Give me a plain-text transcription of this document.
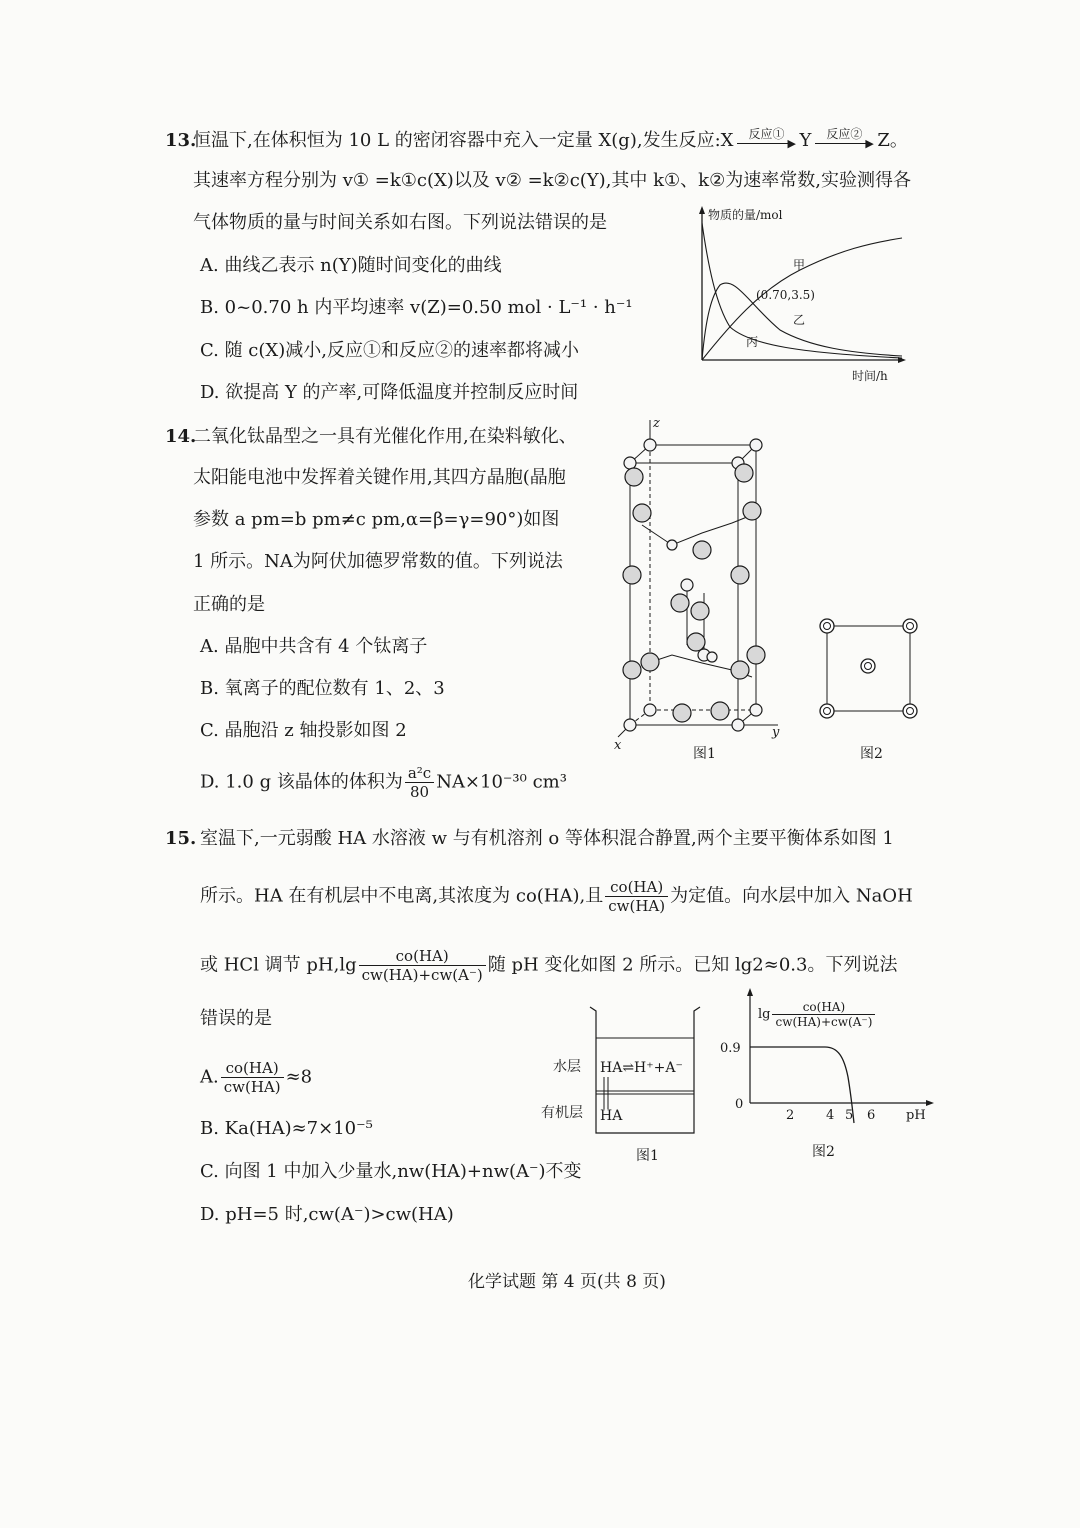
13.
恒温下,在体积恒为 10 L 的密闭容器中充入一定量 X(g),发生反应:X	反应①
▶ Y	反应②
▶ Z。
其速率方程分别为 v① =k①c(X)以及 v② =k②c(Y),其中 k①、k②为速率常数,实验测得各
气体物质的量与时间关系如右图。下列说法错误的是
A. 曲线乙表示 n(Y)随时间变化的曲线
B. 0~0.70 h 内平均速率 v(Z)=0.50 mol · L⁻¹ · h⁻¹
C. 随 c(X)减小,反应①和反应②的速率都将减小
D. 欲提高 Y 的产率,可降低温度并控制反应时间
物质的量/mol
时间/h
(0.70,3.5)
甲
乙
丙
14.
二氧化钛晶型之一具有光催化作用,在染料敏化、
太阳能电池中发挥着关键作用,其四方晶胞(晶胞
参数 a pm=b pm≠c pm,α=β=γ=90°)如图
1 所示。NA为阿伏加德罗常数的值。下列说法
正确的是
A. 晶胞中共含有 4 个钛离子
B. 氧离子的配位数有 1、2、3
C. 晶胞沿 z 轴投影如图 2
D. 1.0 g 该晶体的体积为 $\frac{\text{a²c}}{80} NA\times 10^{-30}$ cm³
z
x
y
图1	图2
15. 室温下,一元弱酸 HA 水溶液 w 与有机溶剂 o 等体积混合静置,两个主要平衡体系如图 1
所示。HA 在有机层中不电离,其浓度为 co(HA),且 $\frac{co(HA)}{cw(HA)}$ 为定值。向水层中加入 NaOH
或 HCl 调节 $pH,\lg \frac{co(HA)}{cw(HA)+cw(A^-)}$ 随 pH 变化如图 2 所示。已知 lg2≈0.3。下列说法
错误的是
A. $\frac{co(HA)}{cw(HA)} \approx 8$
B. Ka(HA)≈7×10⁻⁵
C. 向图 1 中加入少量水,nw(HA)+nw(A⁻)不变
D. pH=5 时,cw(A⁻)>cw(HA)
HA⇌H⁺+A⁻
HA
水层
有机层
图1
0.9
0
2 4 5 6 pH
$\lg \frac{co(HA)}{cw(HA)+cw(A^-)}$
图2
化学试题 第 4 页(共 8 页)
